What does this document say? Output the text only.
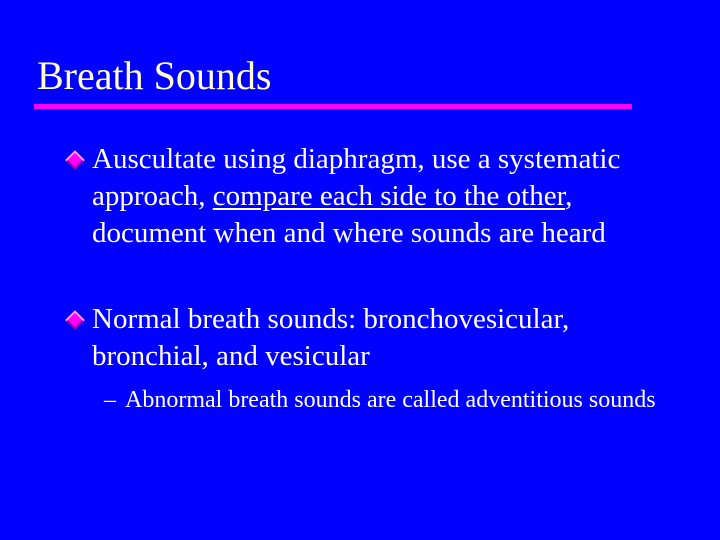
Breath Sounds
Auscultate using diaphragm, use a systematic approach, compare each side to the other, document when and where sounds are heard
Normal breath sounds: bronchovesicular, bronchial, and vesicular
– Abnormal breath sounds are called adventitious sounds
